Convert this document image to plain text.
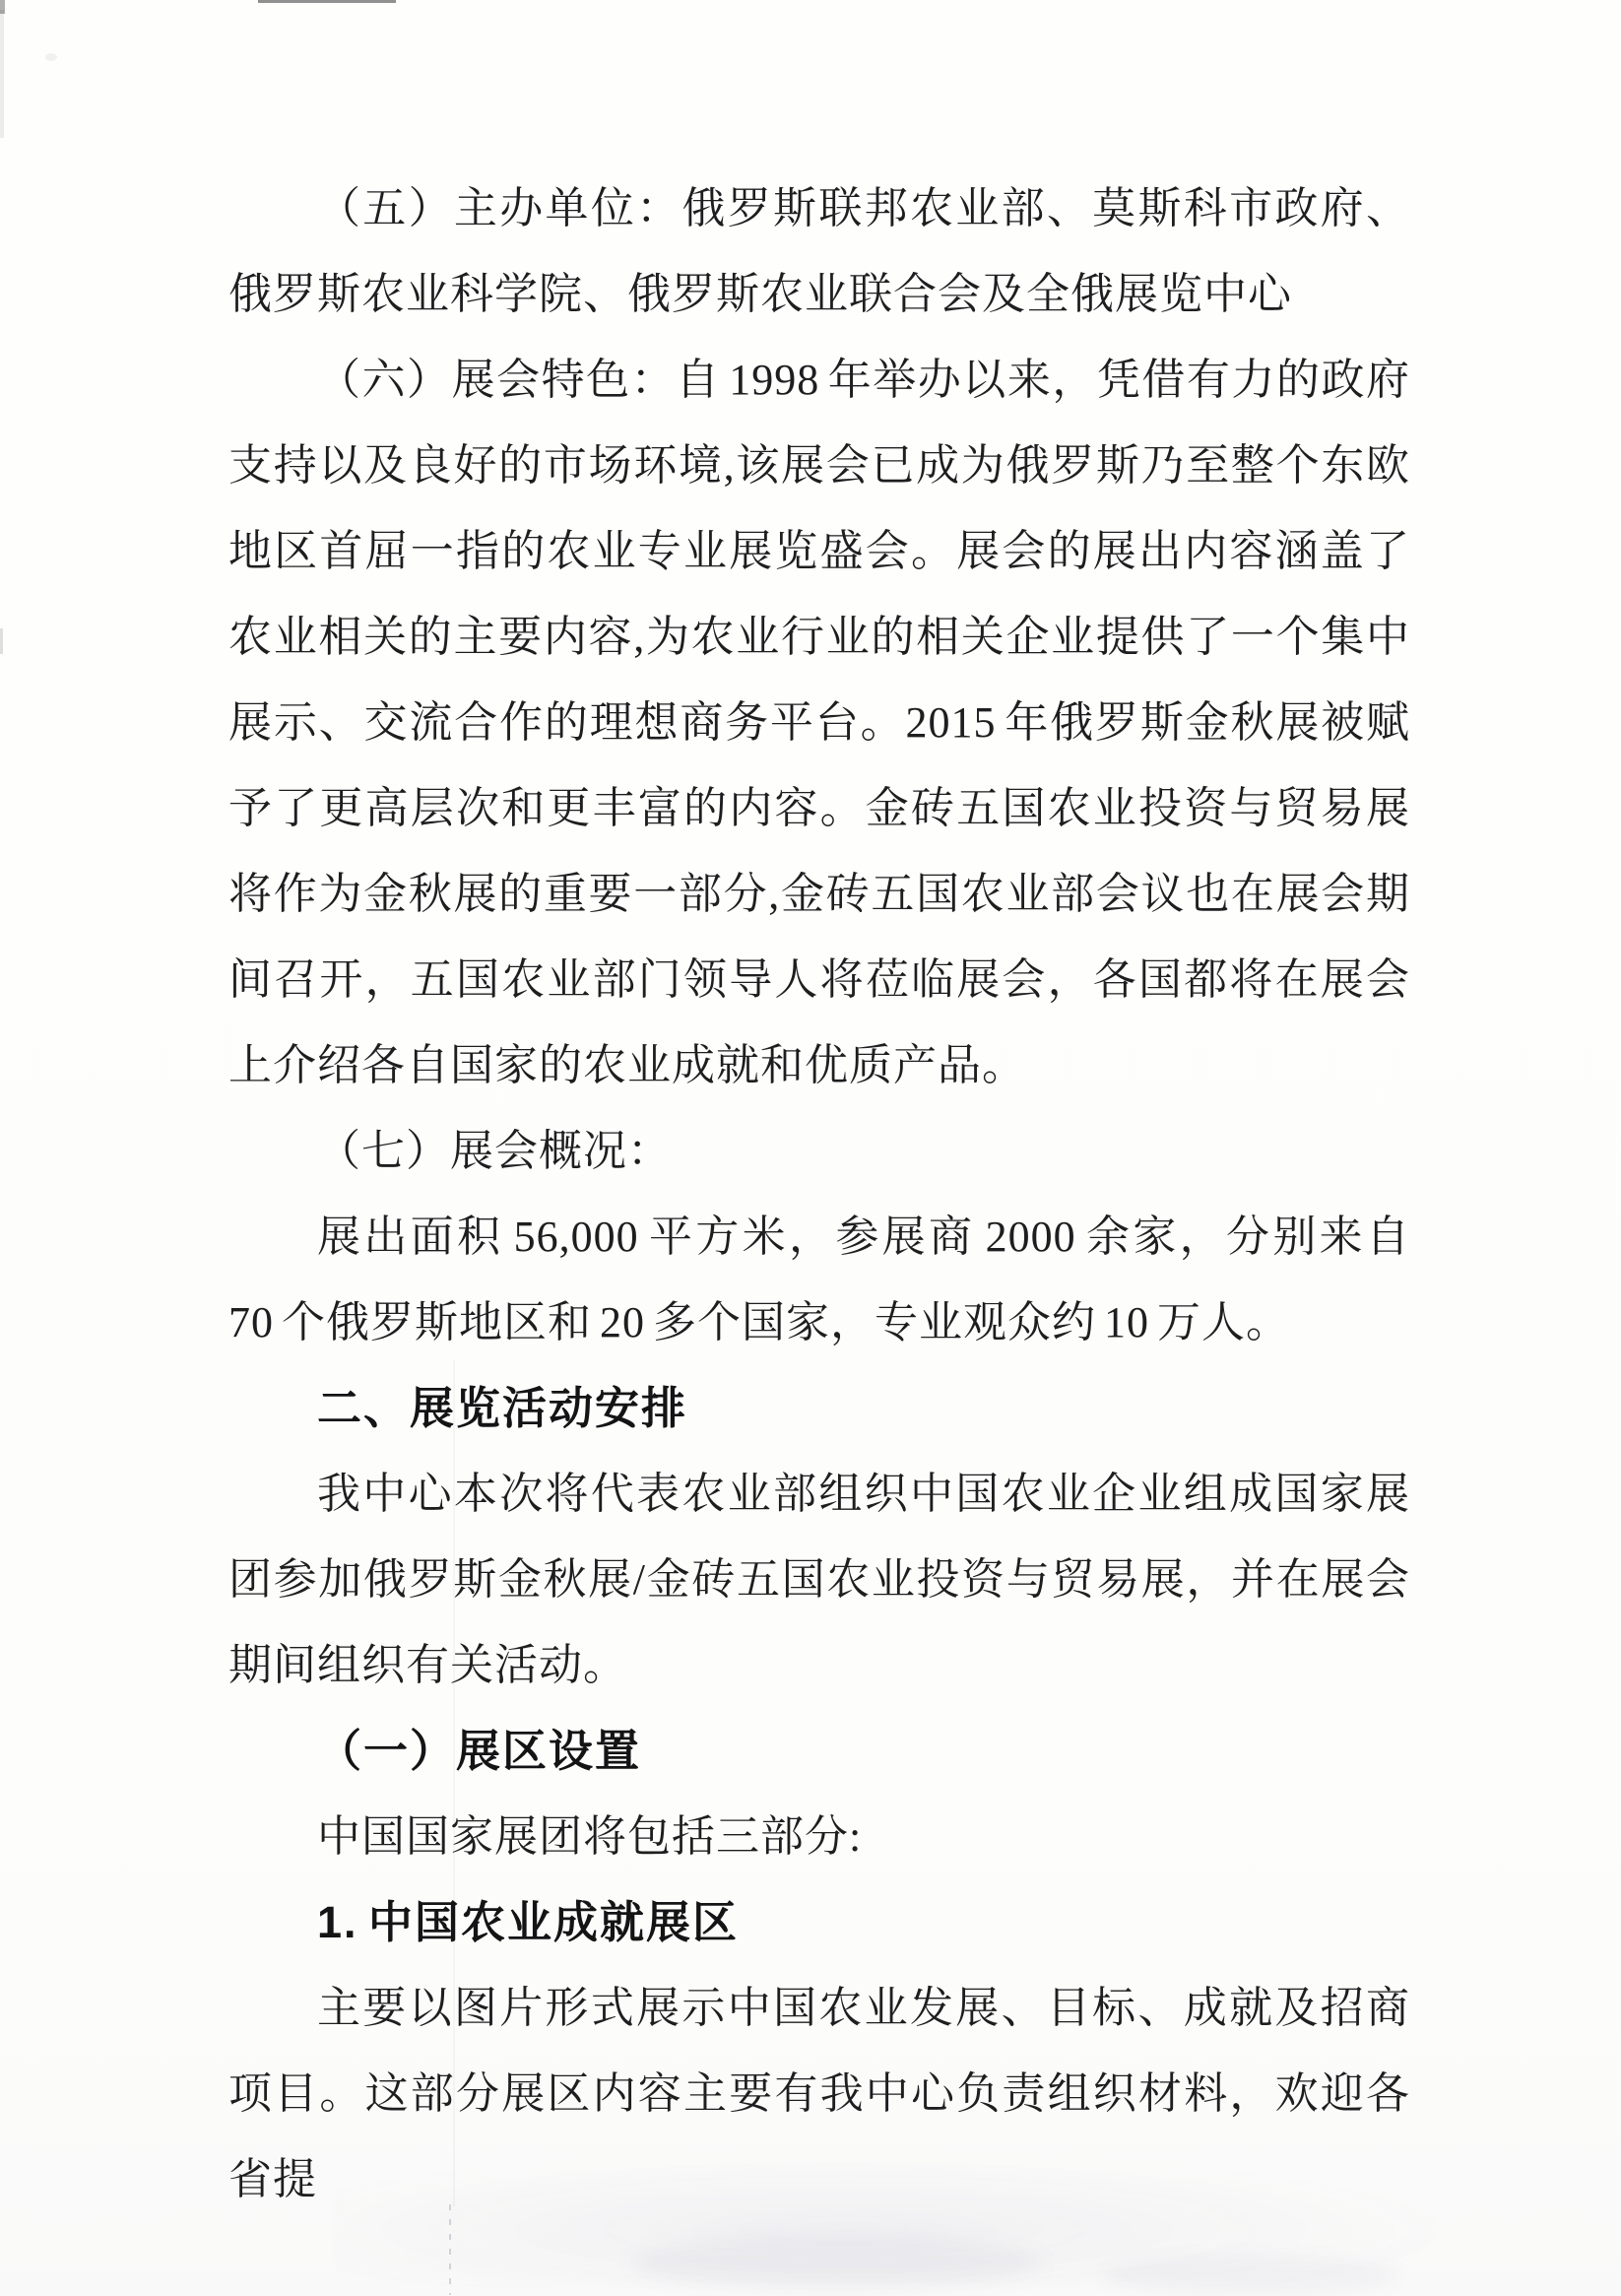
（五）主办单位：俄罗斯联邦农业部、莫斯科市政府、俄罗斯农业科学院、俄罗斯农业联合会及全俄展览中心

（六）展会特色：自 1998 年举办以来，凭借有力的政府支持以及良好的市场环境,该展会已成为俄罗斯乃至整个东欧地区首屈一指的农业专业展览盛会。展会的展出内容涵盖了农业相关的主要内容,为农业行业的相关企业提供了一个集中展示、交流合作的理想商务平台。2015 年俄罗斯金秋展被赋予了更高层次和更丰富的内容。金砖五国农业投资与贸易展将作为金秋展的重要一部分,金砖五国农业部会议也在展会期间召开，五国农业部门领导人将莅临展会，各国都将在展会上介绍各自国家的农业成就和优质产品。

（七）展会概况：

展出面积 56,000 平方米，参展商 2000 余家，分别来自 70 个俄罗斯地区和 20 多个国家，专业观众约 10 万人。

二、展览活动安排

我中心本次将代表农业部组织中国农业企业组成国家展团参加俄罗斯金秋展/金砖五国农业投资与贸易展，并在展会期间组织有关活动。

（一）展区设置

中国国家展团将包括三部分:

1. 中国农业成就展区

主要以图片形式展示中国农业发展、目标、成就及招商项目。这部分展区内容主要有我中心负责组织材料，欢迎各省提
